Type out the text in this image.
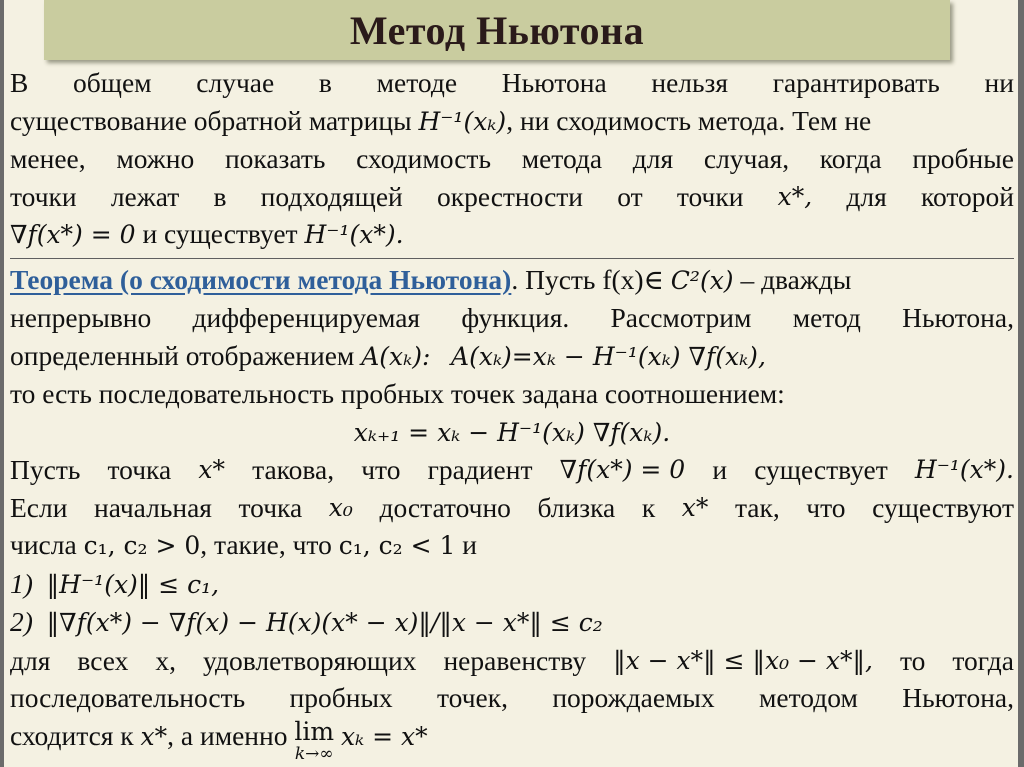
Метод Ньютона
В общем случае в методе Ньютона нельзя гарантировать ни
существование обратной матрицы H⁻¹(xₖ), ни сходимость метода. Тем не
менее, можно показать сходимость метода для случая, когда пробные
точки лежат в подходящей окрестности от точки x*, для которой
∇f(x*) = 0 и существует H⁻¹(x*).
Теорема (о сходимости метода Ньютона). Пусть f(x)∈ C²(x) – дважды
непрерывно дифференцируемая функция. Рассмотрим метод Ньютона,
определенный отображением A(xₖ): A(xₖ)=xₖ − H⁻¹(xₖ) ∇f(xₖ),
то есть последовательность пробных точек задана соотношением:
xₖ₊₁ = xₖ − H⁻¹(xₖ) ∇f(xₖ).
Пусть точка x* такова, что градиент ∇f(x*) = 0 и существует H⁻¹(x*).
Если начальная точка x₀ достаточно близка к x* так, что существуют
числа c₁, c₂ > 0, такие, что c₁, c₂ < 1 и
1) ‖H⁻¹(x)‖ ≤ c₁,
2) ‖∇f(x*) − ∇f(x) − H(x)(x* − x)‖/‖x − x*‖ ≤ c₂
для всех x, удовлетворяющих неравенству ‖x − x*‖ ≤ ‖x₀ − x*‖, то тогда
последовательность пробных точек, порождаемых методом Ньютона,
сходится к x*, а именно lim
k→∞
xₖ = x*
